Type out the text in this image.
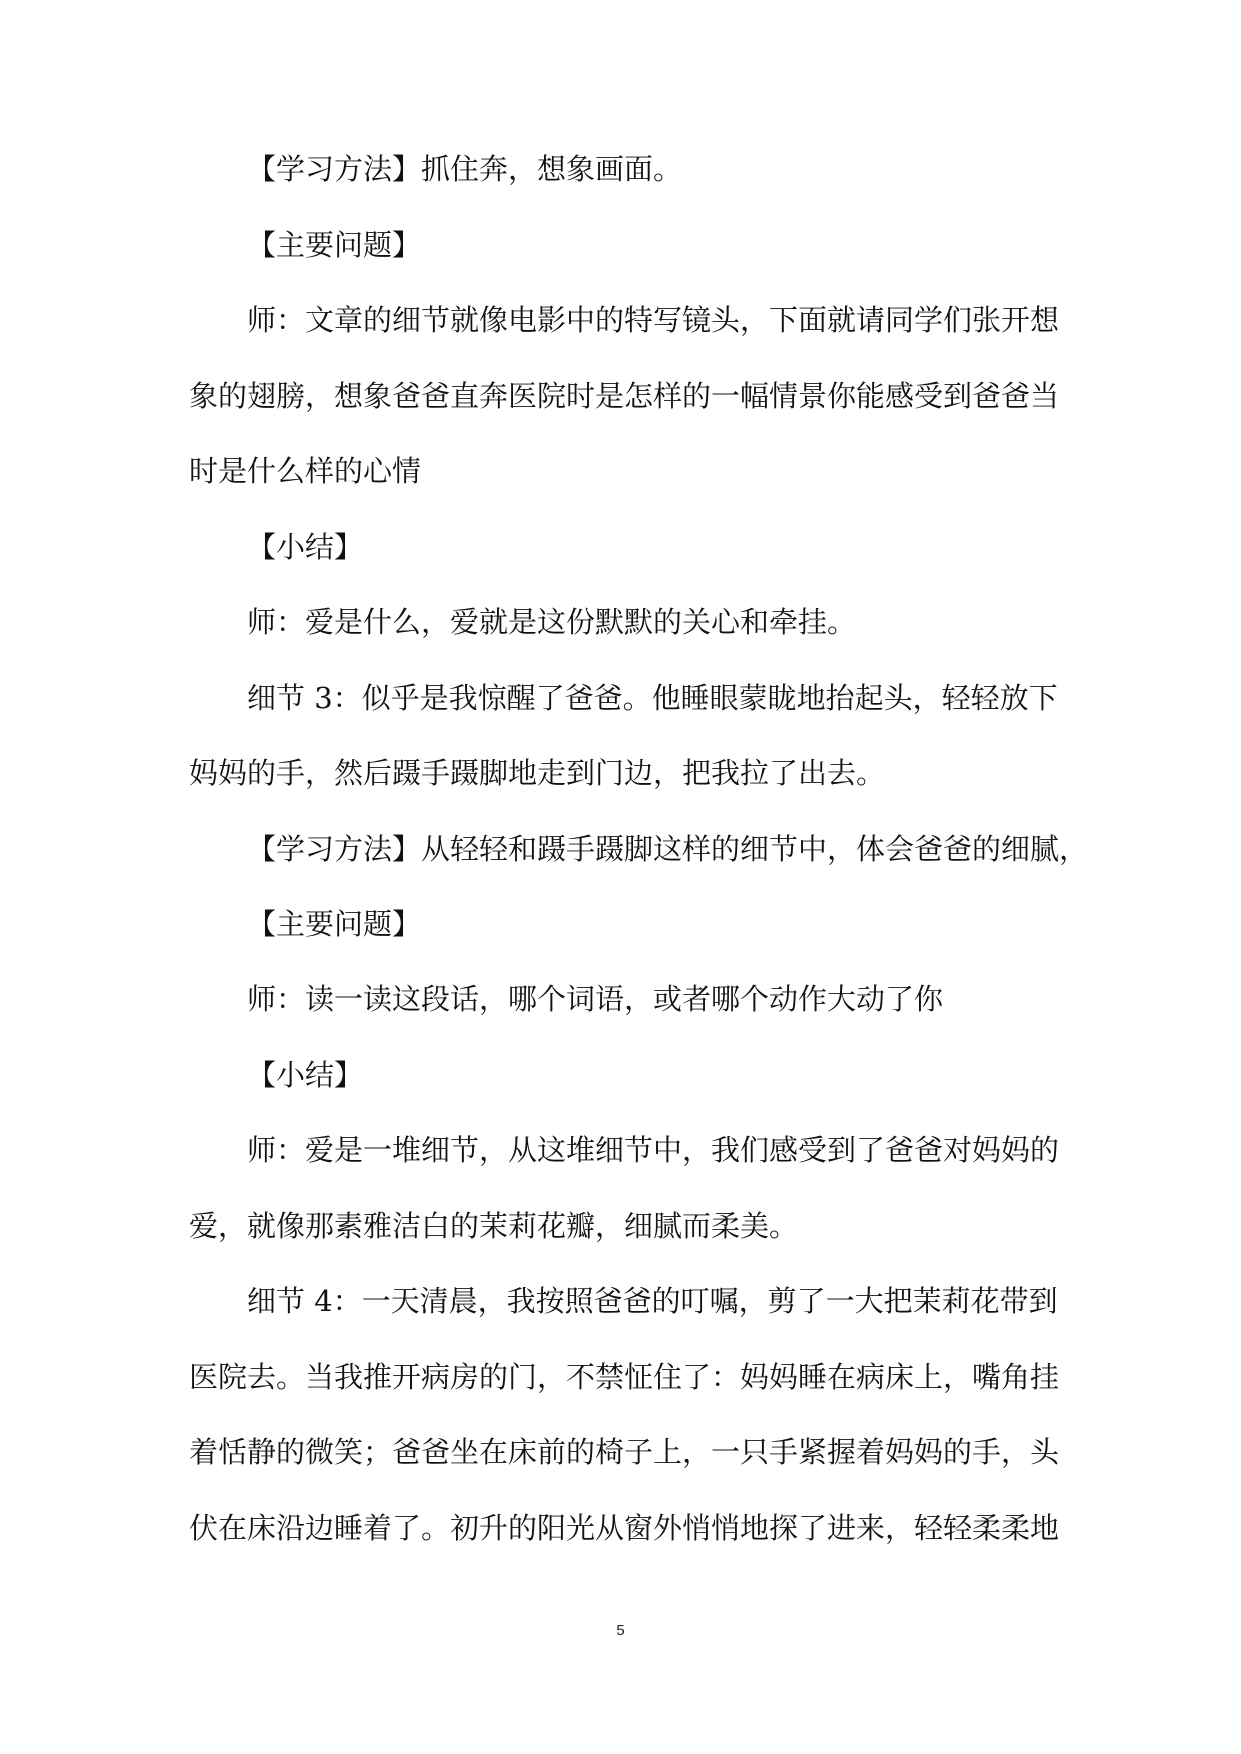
【学习方法】抓住奔，想象画面。
【主要问题】
师：文章的细节就像电影中的特写镜头，下面就请同学们张开想
象的翅膀，想象爸爸直奔医院时是怎样的一幅情景你能感受到爸爸当
时是什么样的心情
【小结】
师：爱是什么，爱就是这份默默的关心和牵挂。
细节 3：似乎是我惊醒了爸爸。他睡眼蒙眬地抬起头，轻轻放下
妈妈的手，然后蹑手蹑脚地走到门边，把我拉了出去。
【学习方法】从轻轻和蹑手蹑脚这样的细节中，体会爸爸的细腻，
【主要问题】
师：读一读这段话，哪个词语，或者哪个动作大动了你
【小结】
师：爱是一堆细节，从这堆细节中，我们感受到了爸爸对妈妈的
爱，就像那素雅洁白的茉莉花瓣，细腻而柔美。
细节 4：一天清晨，我按照爸爸的叮嘱，剪了一大把茉莉花带到
医院去。当我推开病房的门，不禁怔住了：妈妈睡在病床上，嘴角挂
着恬静的微笑；爸爸坐在床前的椅子上，一只手紧握着妈妈的手，头
伏在床沿边睡着了。初升的阳光从窗外悄悄地探了进来，轻轻柔柔地
5
